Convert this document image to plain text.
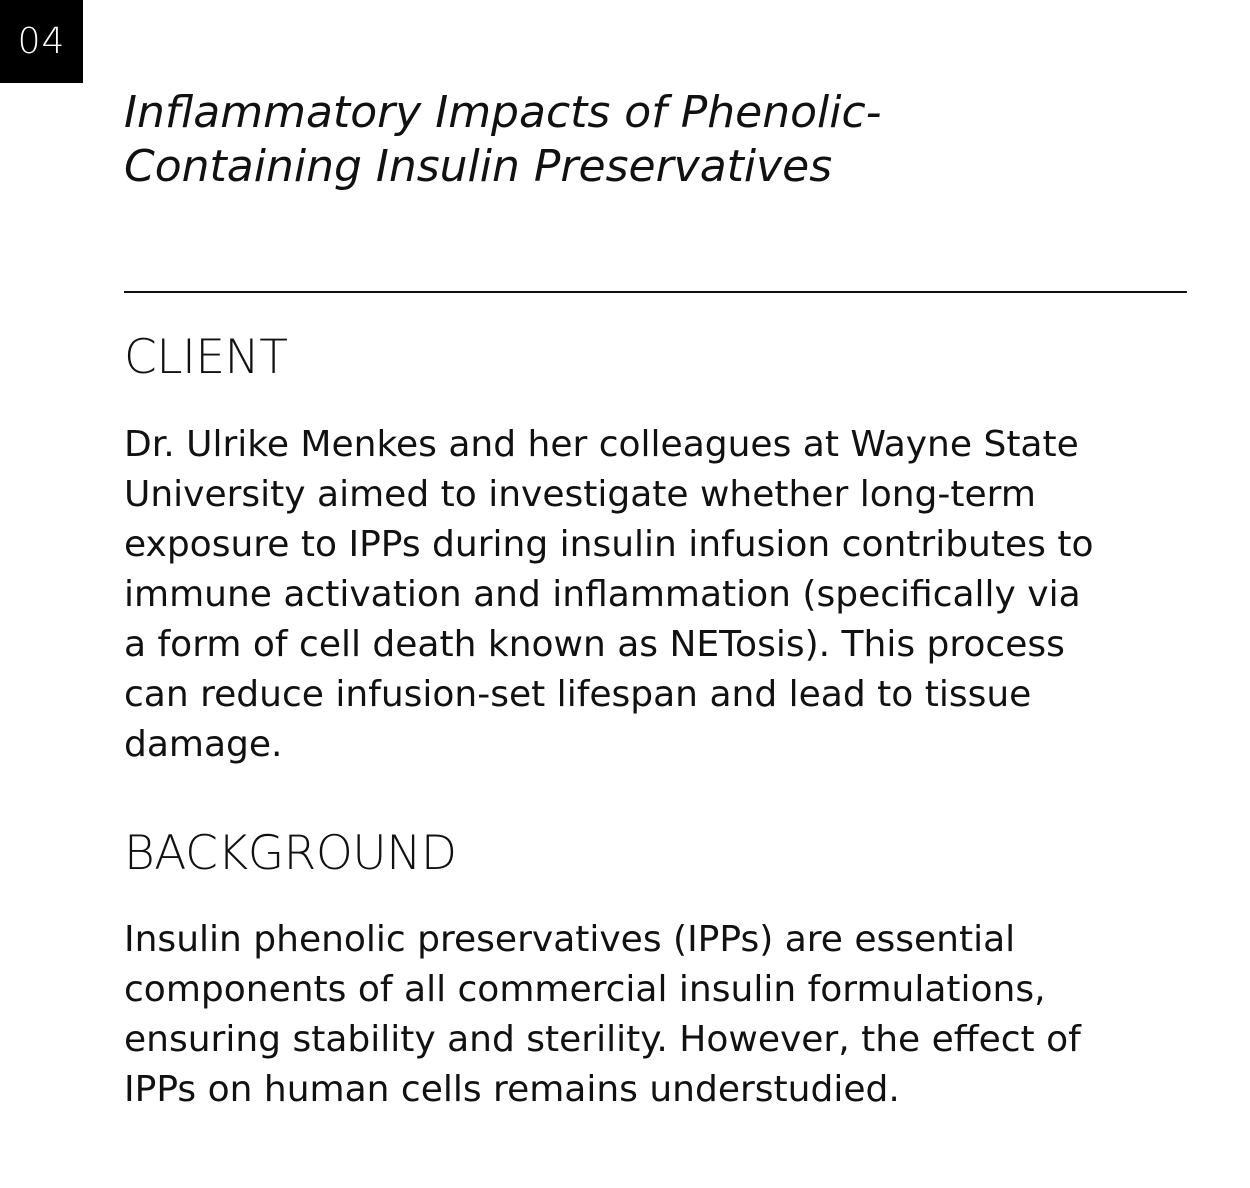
04
Inflammatory Impacts of Phenolic-
Containing Insulin Preservatives
CLIENT

Dr. Ulrike Menkes and her colleagues at Wayne State
University aimed to investigate whether long-term
exposure to IPPs during insulin infusion contributes to
immune activation and inflammation (specifically via
a form of cell death known as NETosis). This process
can reduce infusion-set lifespan and lead to tissue
damage.

BACKGROUND

Insulin phenolic preservatives (IPPs) are essential
components of all commercial insulin formulations,
ensuring stability and sterility. However, the effect of
IPPs on human cells remains understudied.
